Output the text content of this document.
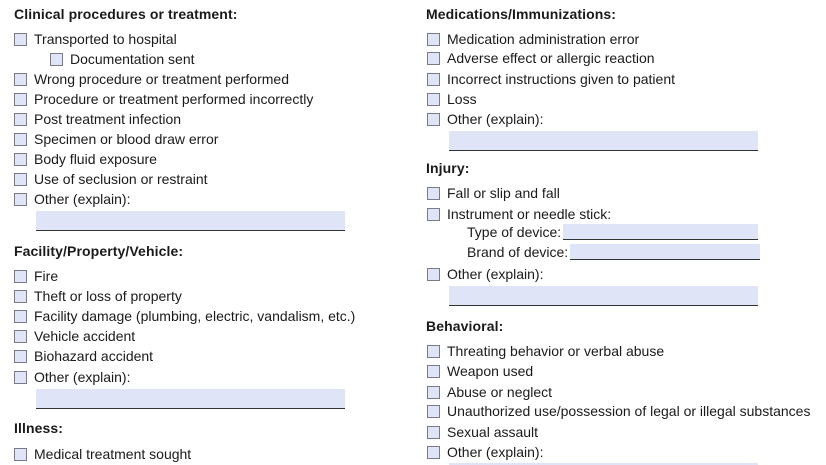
Clinical procedures or treatment:
Transported to hospital
Documentation sent
Wrong procedure or treatment performed
Procedure or treatment performed incorrectly
Post treatment infection
Specimen or blood draw error
Body fluid exposure
Use of seclusion or restraint
Other (explain):
Facility/Property/Vehicle:
Fire
Theft or loss of property
Facility damage (plumbing, electric, vandalism, etc.)
Vehicle accident
Biohazard accident
Other (explain):
Illness:
Medical treatment sought
Medications/Immunizations:
Medication administration error
Adverse effect or allergic reaction
Incorrect instructions given to patient
Loss
Other (explain):
Injury:
Fall or slip and fall
Instrument or needle stick:
Type of device:
Brand of device:
Other (explain):
Behavioral:
Threating behavior or verbal abuse
Weapon used
Abuse or neglect
Unauthorized use/possession of legal or illegal substances
Sexual assault
Other (explain):
